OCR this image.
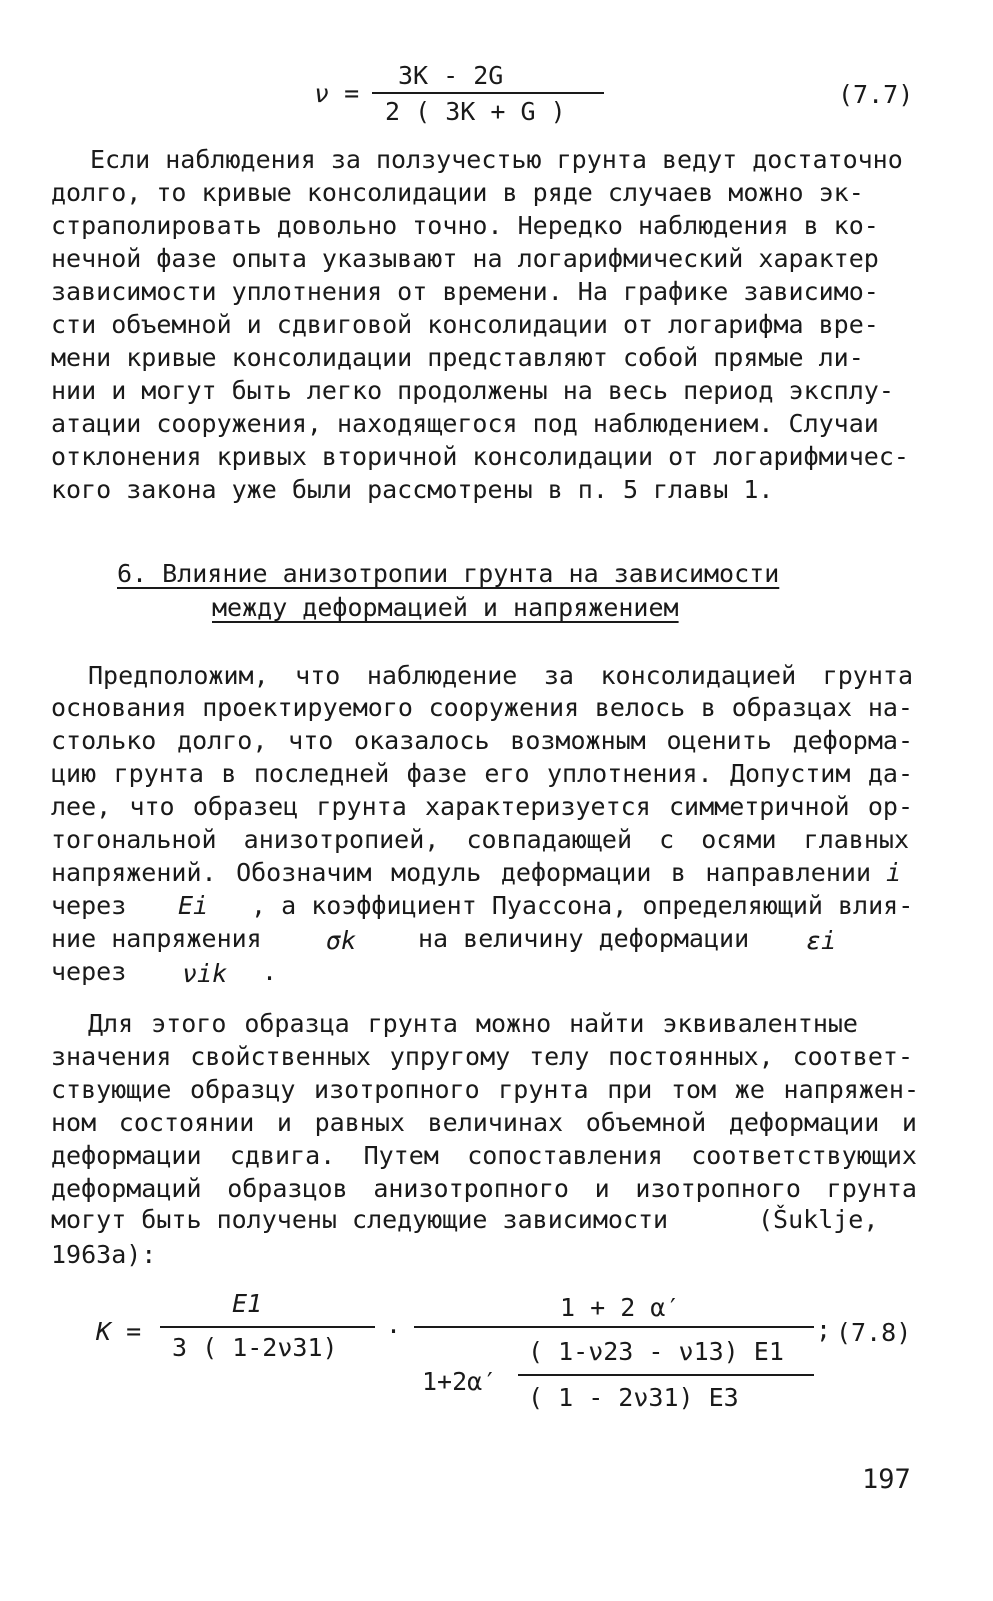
ν =
3K - 2G
2 ( 3K + G )
(7.7)
Если наблюдения за ползучестью грунта ведут достаточно
долго, то кривые консолидации в ряде случаев можно эк-
страполировать довольно точно. Нередко наблюдения в ко-
нечной фазе опыта указывают на логарифмический характер
зависимости уплотнения от времени. На графике зависимо-
сти объемной и сдвиговой консолидации от логарифма вре-
мени кривые консолидации представляют собой прямые ли-
нии и могут быть легко продолжены на весь период эксплу-
атации сооружения, находящегося под наблюдением. Случаи
отклонения кривых вторичной консолидации от логарифмичес-
кого закона уже были рассмотрены в п. 5 главы 1.
6. Влияние анизотропии грунта на зависимости
между деформацией и напряжением
Предположим, что наблюдение за консолидацией грунта
основания проектируемого сооружения велось в образцах на-
столько долго, что оказалось возможным оценить деформа-
цию грунта в последней фазе его уплотнения. Допустим да-
лее, что образец грунта характеризуется симметричной ор-
тогональной анизотропией, совпадающей с осями главных
напряжений. Обозначим модуль деформации в направлении i
через Ei , а коэффициент Пуассона, определяющий влия-
ние напряжения	σk на величину деформации εi
через νik .
Для этого образца грунта можно найти эквивалентные
значения свойственных упругому телу постоянных, соответ-
ствующие образцу изотропного грунта при том же напряжен-
ном состоянии и равных величинах объемной деформации и
деформации сдвига. Путем сопоставления соответствующих
деформаций образцов анизотропного и изотропного грунта
могут быть получены следующие зависимости	(Šuklje,
1963а):
K =
E1
3 ( 1-2ν31)
·
1 + 2 α′
1+2α′
( 1-ν23 - ν13) E1
( 1 - 2ν31) E3
; (7.8)
197
